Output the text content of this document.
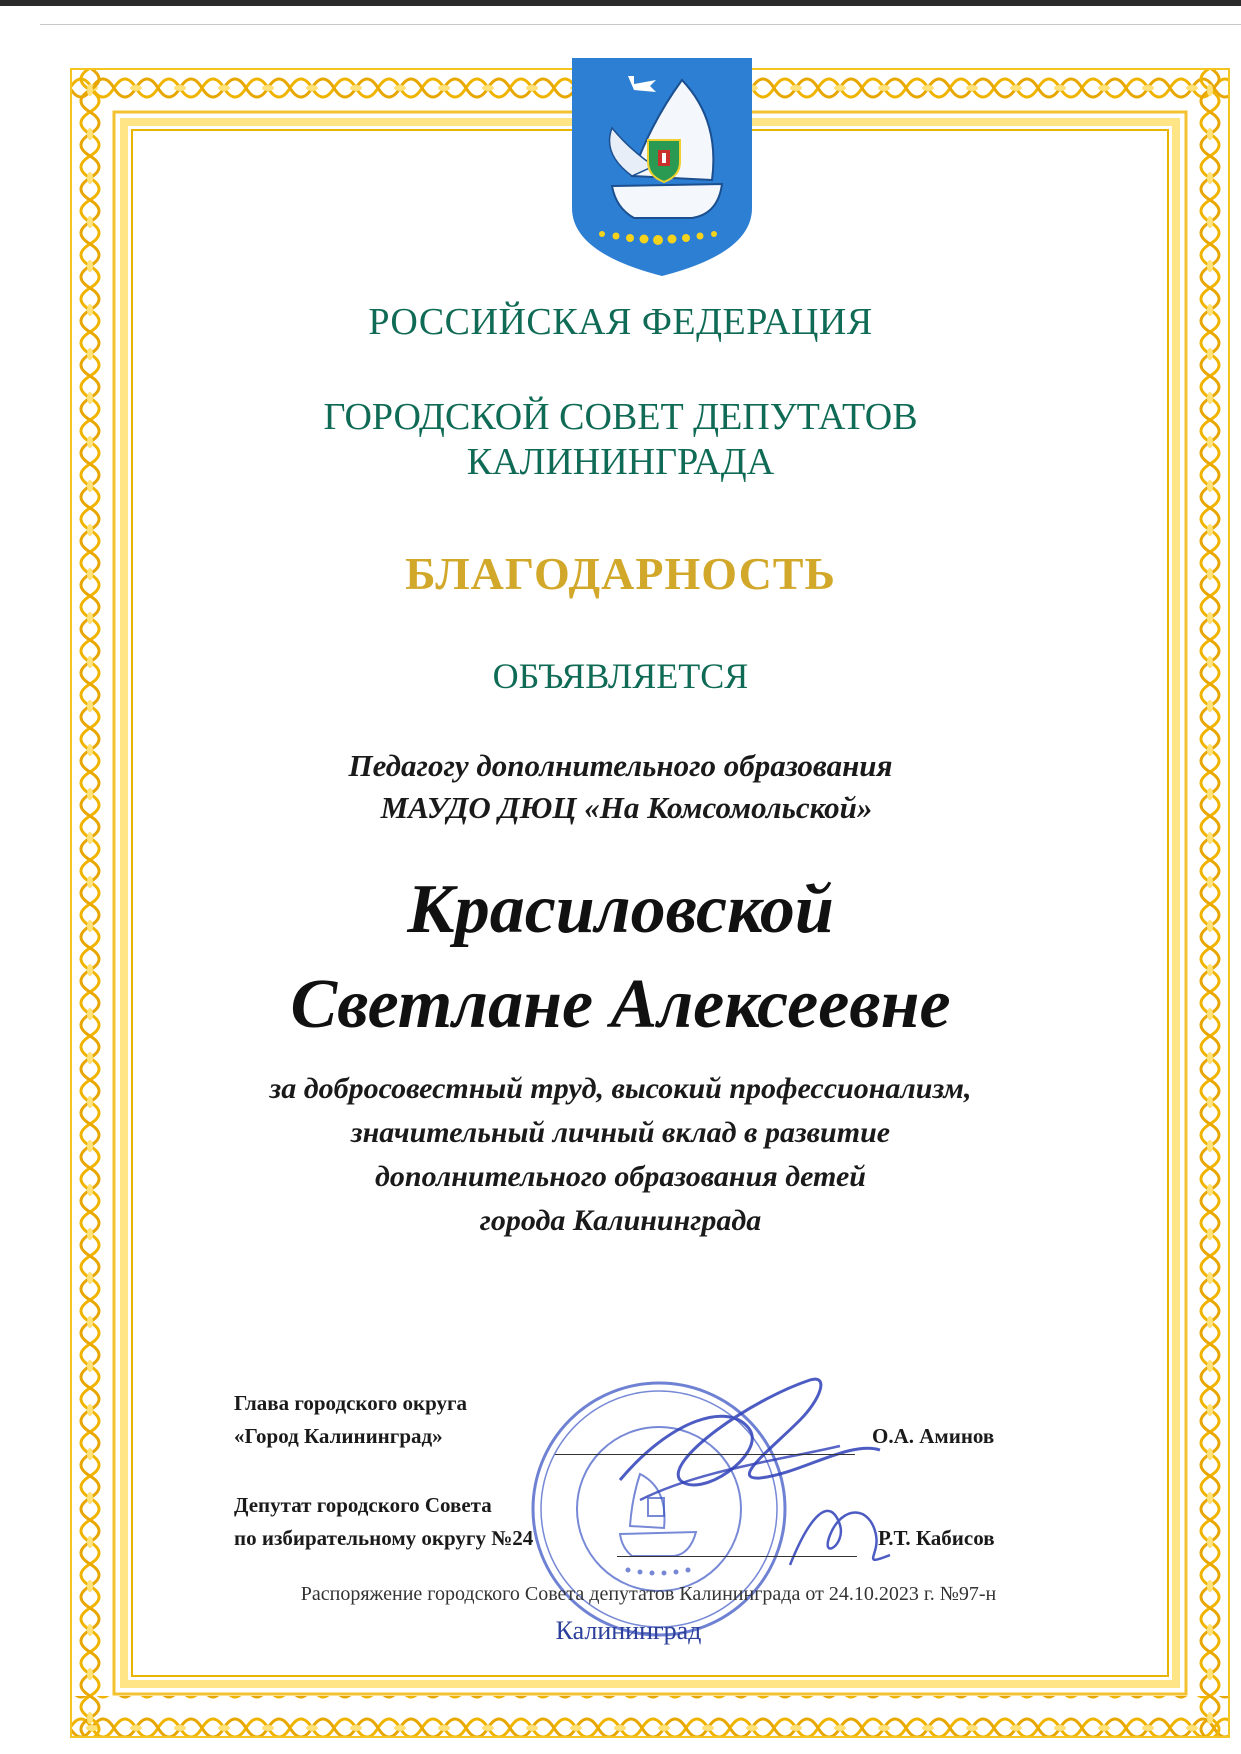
РОССИЙСКАЯ ФЕДЕРАЦИЯ

ГОРОДСКОЙ СОВЕТ ДЕПУТАТОВ

КАЛИНИНГРАДА

БЛАГОДАРНОСТЬ

ОБЪЯВЛЯЕТСЯ

Педагогу дополнительного образования

МАУДО ДЮЦ «На Комсомольской»

Красиловской

Светлане Алексеевне

за добросовестный труд, высокий профессионализм,

значительный личный вклад в развитие

дополнительного образования детей

города Калининграда

Глава городского округа

«Город Калининград»	О.А. Аминов

Депутат городского Совета

по избирательному округу №24	Р.Т. Кабисов

Распоряжение городского Совета депутатов Калининграда от 24.10.2023 г. №97-н

Калининград
